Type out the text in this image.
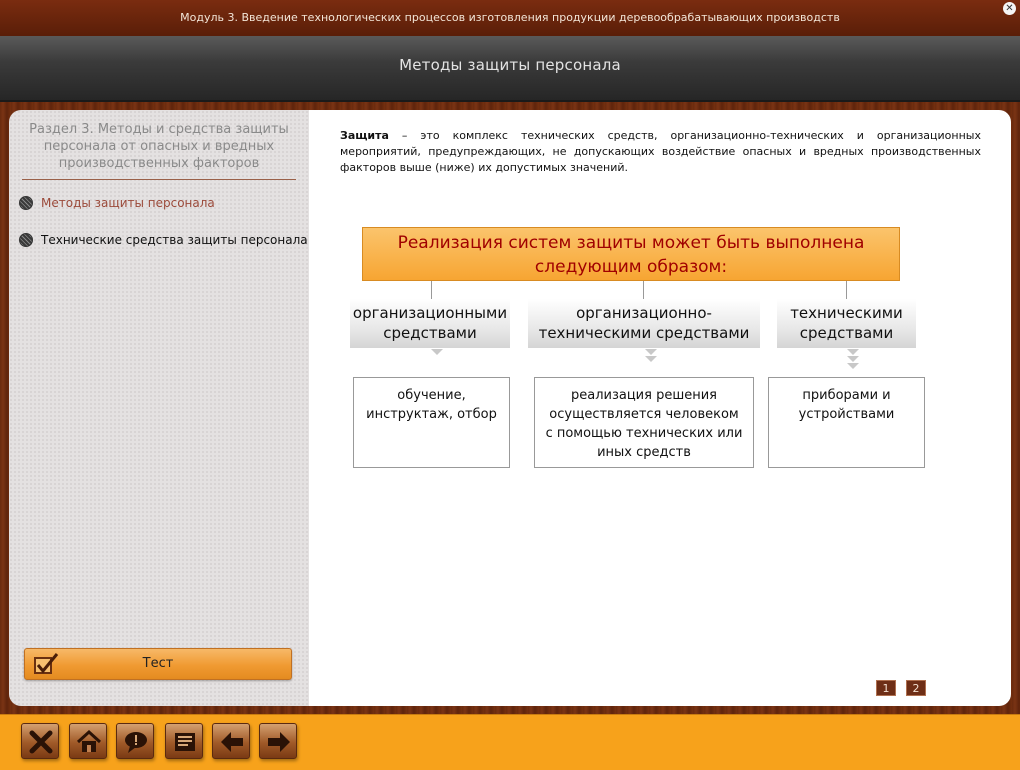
Модуль 3. Введение технологических процессов изготовления продукции деревообрабатывающих производств
✕
Методы защиты персонала
Раздел 3. Методы и средства защиты персонала от опасных и вредных производственных факторов
Методы защиты персонала
Технические средства защиты персонала
Тест

Защита – это комплекс технических средств, организационно-технических и организационных мероприятий, предупреждающих, не допускающих воздействие опасных и вредных производственных факторов выше (ниже) их допустимых значений.

Реализация систем защиты может быть выполнена следующим образом:
организационными средствами
организационно-техническими средствами
техническими средствами
обучение, инструктаж, отбор
реализация решения осуществляется человеком с помощью технических или иных средств
приборами и устройствами
1	2
